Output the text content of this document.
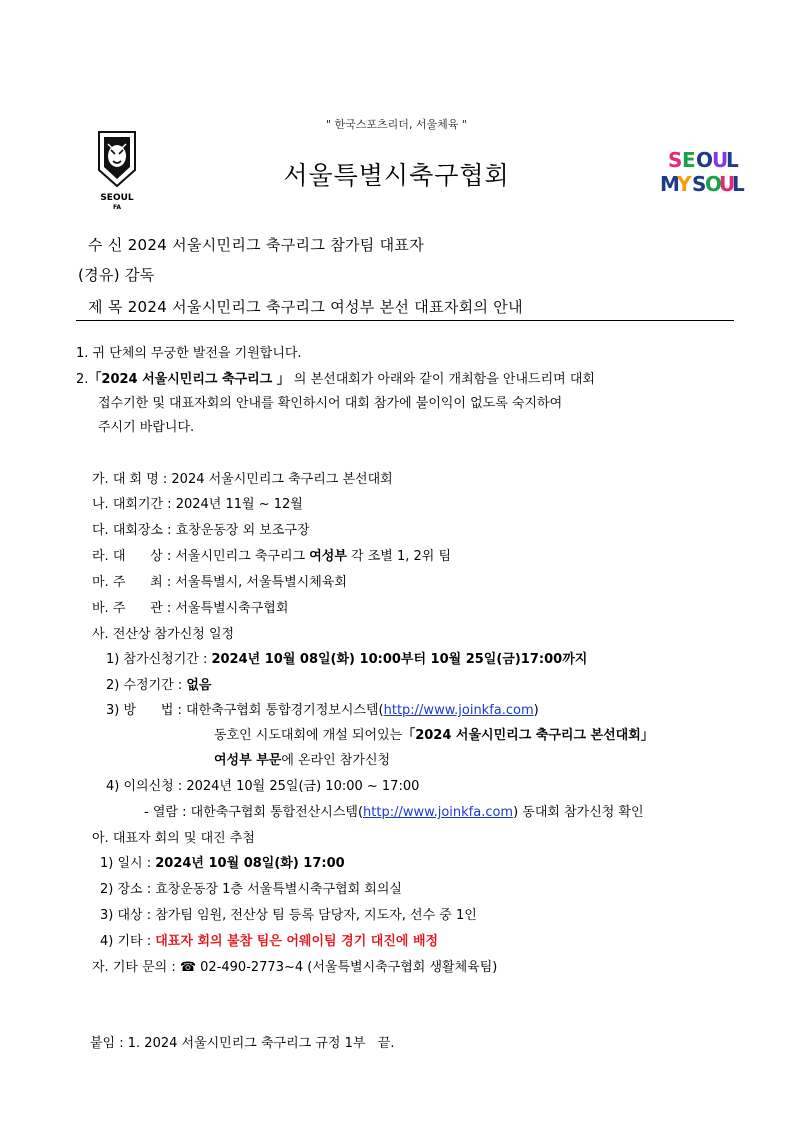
" 한국스포츠리더, 서울체육 "
SEOUL
FA
서울특별시축구협회
S E O
U
L
M
Y S
O
U
L
수 신 2024 서울시민리그 축구리그 참가팀 대표자
(경유) 감독
제 목 2024 서울시민리그 축구리그 여성부 본선 대표자회의 안내
1. 귀 단체의 무궁한 발전을 기원합니다.
2.「2024 서울시민리그 축구리그 」 의 본선대회가 아래와 같이 개최함을 안내드리며 대회
접수기한 및 대표자회의 안내를 확인하시어 대회 참가에 불이익이 없도록 숙지하여
주시기 바랍니다.
가. 대 회 명 : 2024 서울시민리그 축구리그 본선대회
나. 대회기간 : 2024년 11월 ~ 12월
다. 대회장소 : 효창운동장 외 보조구장
라. 대      상 : 서울시민리그 축구리그 여성부 각 조별 1, 2위 팀
마. 주      최 : 서울특별시, 서울특별시체육회
바. 주      관 : 서울특별시축구협회
사. 전산상 참가신청 일정
1) 참가신청기간 : 2024년 10월 08일(화) 10:00부터 10월 25일(금)17:00까지
2) 수정기간 : 없음
3) 방      법 : 대한축구협회 통합경기정보시스템(http://www.joinkfa.com)
동호인 시도대회에 개설 되어있는「2024 서울시민리그 축구리그 본선대회」
여성부 부문에 온라인 참가신청
4) 이의신청 : 2024년 10월 25일(금) 10:00 ~ 17:00
- 열람 : 대한축구협회 통합전산시스템(http://www.joinkfa.com) 동대회 참가신청 확인
아. 대표자 회의 및 대진 추첨
1) 일시 : 2024년 10월 08일(화) 17:00
2) 장소 : 효창운동장 1층 서울특별시축구협회 회의실
3) 대상 : 참가팀 임원, 전산상 팀 등록 담당자, 지도자, 선수 중 1인
4) 기타 : 대표자 회의 불참 팀은 어웨이팀 경기 대진에 배정
자. 기타 문의 : ☎ 02-490-2773~4 (서울특별시축구협회 생활체육팀)
붙임 : 1. 2024 서울시민리그 축구리그 규정 1부   끝.
